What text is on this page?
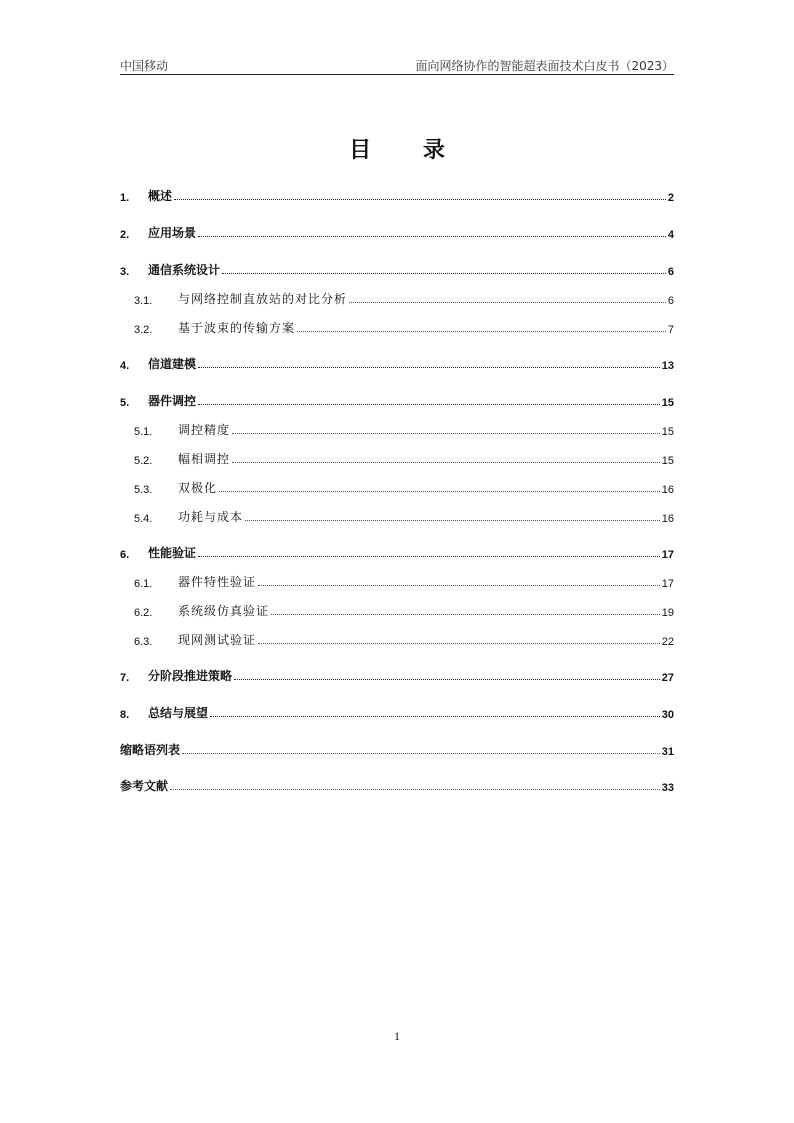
中国移动	面向网络协作的智能超表面技术白皮书（2023）
目 录
1.	概述	2
2.	应用场景	4
3.	通信系统设计	6
3.1.	与网络控制直放站的对比分析	6
3.2.	基于波束的传输方案	7
4.	信道建模	13
5.	器件调控	15
5.1.	调控精度	15
5.2.	幅相调控	15
5.3.	双极化	16
5.4.	功耗与成本	16
6.	性能验证	17
6.1.	器件特性验证	17
6.2.	系统级仿真验证	19
6.3.	现网测试验证	22
7.	分阶段推进策略	27
8.	总结与展望	30
缩略语列表	31
参考文献	33
1
